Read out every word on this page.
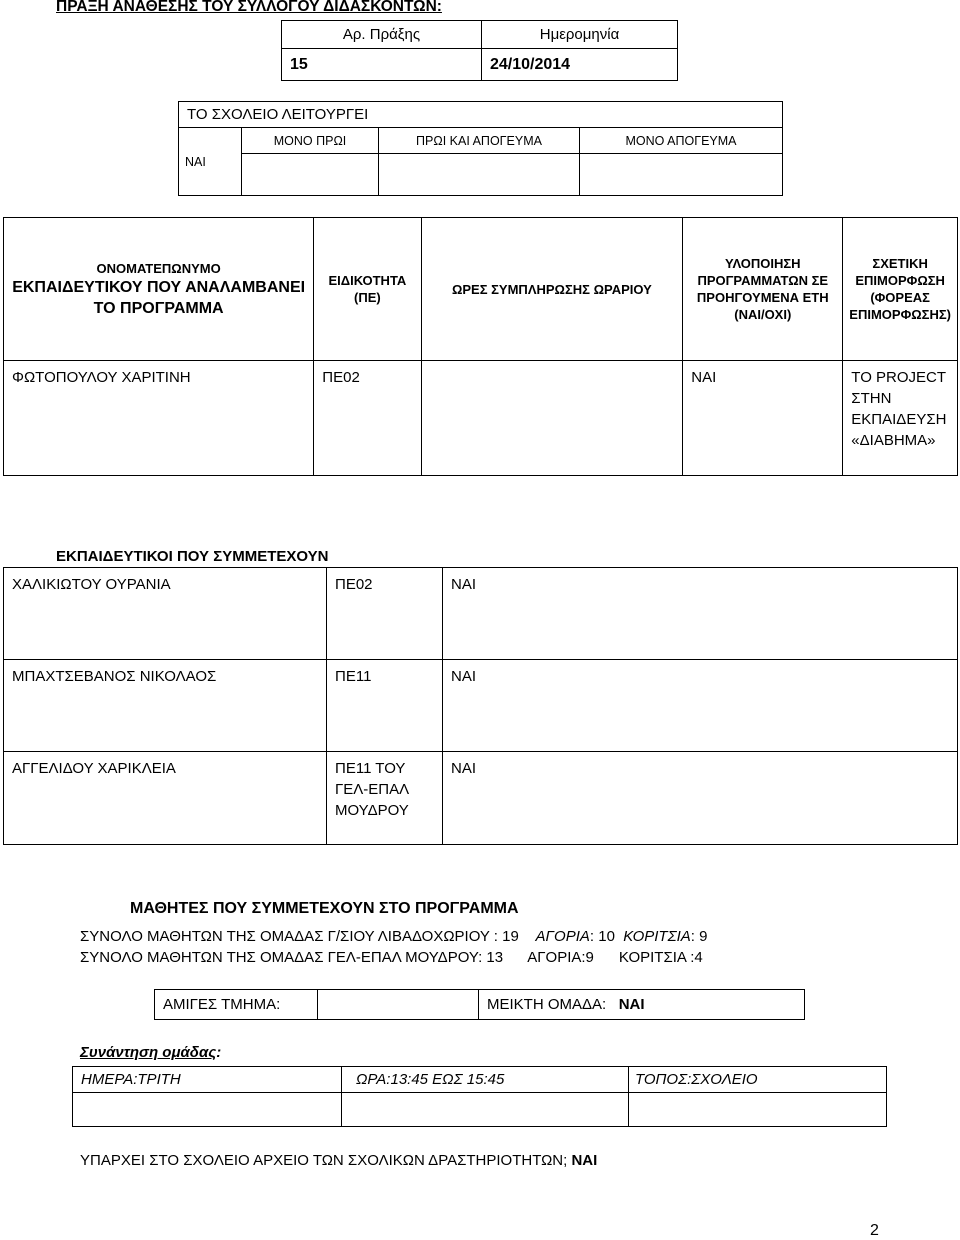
ΠΡΑΞΗ ΑΝΑΘΕΣΗΣ ΤΟΥ ΣΥΛΛΟΓΟΥ ΔΙΔΑΣΚΟΝΤΩΝ:
Αρ. Πράξης	Ημερομηνία
15	24/10/2014
ΤΟ ΣΧΟΛΕΙΟ ΛΕΙΤΟΥΡΓΕΙ			
ΝΑΙ	ΜΟΝΟ ΠΡΩΙ	ΠΡΩΙ ΚΑΙ ΑΠΟΓΕΥΜΑ	ΜΟΝΟ ΑΠΟΓΕΥΜΑ

ΟΝΟΜΑΤΕΠΩΝΥΜΟ
ΕΚΠΑΙΔΕΥΤΙΚΟΥ ΠΟΥ ΑΝΑΛΑΜΒΑΝΕΙ
ΤΟ ΠΡΟΓΡΑΜΜΑ	ΕΙΔΙΚΟΤΗΤΑ (ΠΕ)	ΩΡΕΣ ΣΥΜΠΛΗΡΩΣΗΣ ΩΡΑΡΙΟΥ	ΥΛΟΠΟΙΗΣΗ ΠΡΟΓΡΑΜΜΑΤΩΝ ΣΕ ΠΡΟΗΓΟΥΜΕΝΑ ΕΤΗ (ΝΑΙ/ΟΧΙ)	ΣΧΕΤΙΚΗ ΕΠΙΜΟΡΦΩΣΗ (ΦΟΡΕΑΣ ΕΠΙΜΟΡΦΩΣΗΣ)
ΦΩΤΟΠΟΥΛΟΥ ΧΑΡΙΤΙΝΗ	ΠΕ02		ΝΑΙ	ΤΟ PROJECT ΣΤΗΝ ΕΚΠΑΙΔΕΥΣΗ «ΔΙΑΒΗΜΑ»
ΕΚΠΑΙΔΕΥΤΙΚΟΙ ΠΟΥ ΣΥΜΜΕΤΕΧΟΥΝ
ΧΑΛΙΚΙΩΤΟΥ ΟΥΡΑΝΙΑ	ΠΕ02	ΝΑΙ
ΜΠΑΧΤΣΕΒΑΝΟΣ ΝΙΚΟΛΑΟΣ	ΠΕ11	ΝΑΙ
ΑΓΓΕΛΙΔΟΥ ΧΑΡΙΚΛΕΙΑ	ΠΕ11 ΤΟΥ ΓΕΛ-ΕΠΑΛ ΜΟΥΔΡΟΥ	ΝΑΙ
ΜΑΘΗΤΕΣ ΠΟΥ ΣΥΜΜΕΤΕΧΟΥΝ ΣΤΟ ΠΡΟΓΡΑΜΜΑ
ΣΥΝΟΛΟ ΜΑΘΗΤΩΝ ΤΗΣ ΟΜΑΔΑΣ Γ/ΣΙΟΥ ΛΙΒΑΔΟΧΩΡΙΟΥ : 19 ΑΓΟΡΙΑ: 10 ΚΟΡΙΤΣΙΑ: 9
ΣΥΝΟΛΟ ΜΑΘΗΤΩΝ ΤΗΣ ΟΜΑΔΑΣ ΓΕΛ-ΕΠΑΛ ΜΟΥΔΡΟΥ: 13 ΑΓΟΡΙΑ:9 ΚΟΡΙΤΣΙΑ :4
ΑΜΙΓΕΣ ΤΜΗΜΑ:		ΜΕΙΚΤΗ ΟΜΑΔΑ: ΝΑΙ
Συνάντηση ομάδας:
ΗΜΕΡΑ:ΤΡΙΤΗ	ΩΡΑ:13:45 ΕΩΣ 15:45	ΤΟΠΟΣ:ΣΧΟΛΕΙΟ

ΥΠΑΡΧΕΙ ΣΤΟ ΣΧΟΛΕΙΟ ΑΡΧΕΙΟ ΤΩΝ ΣΧΟΛΙΚΩΝ ΔΡΑΣΤΗΡΙΟΤΗΤΩΝ; ΝΑΙ
2
